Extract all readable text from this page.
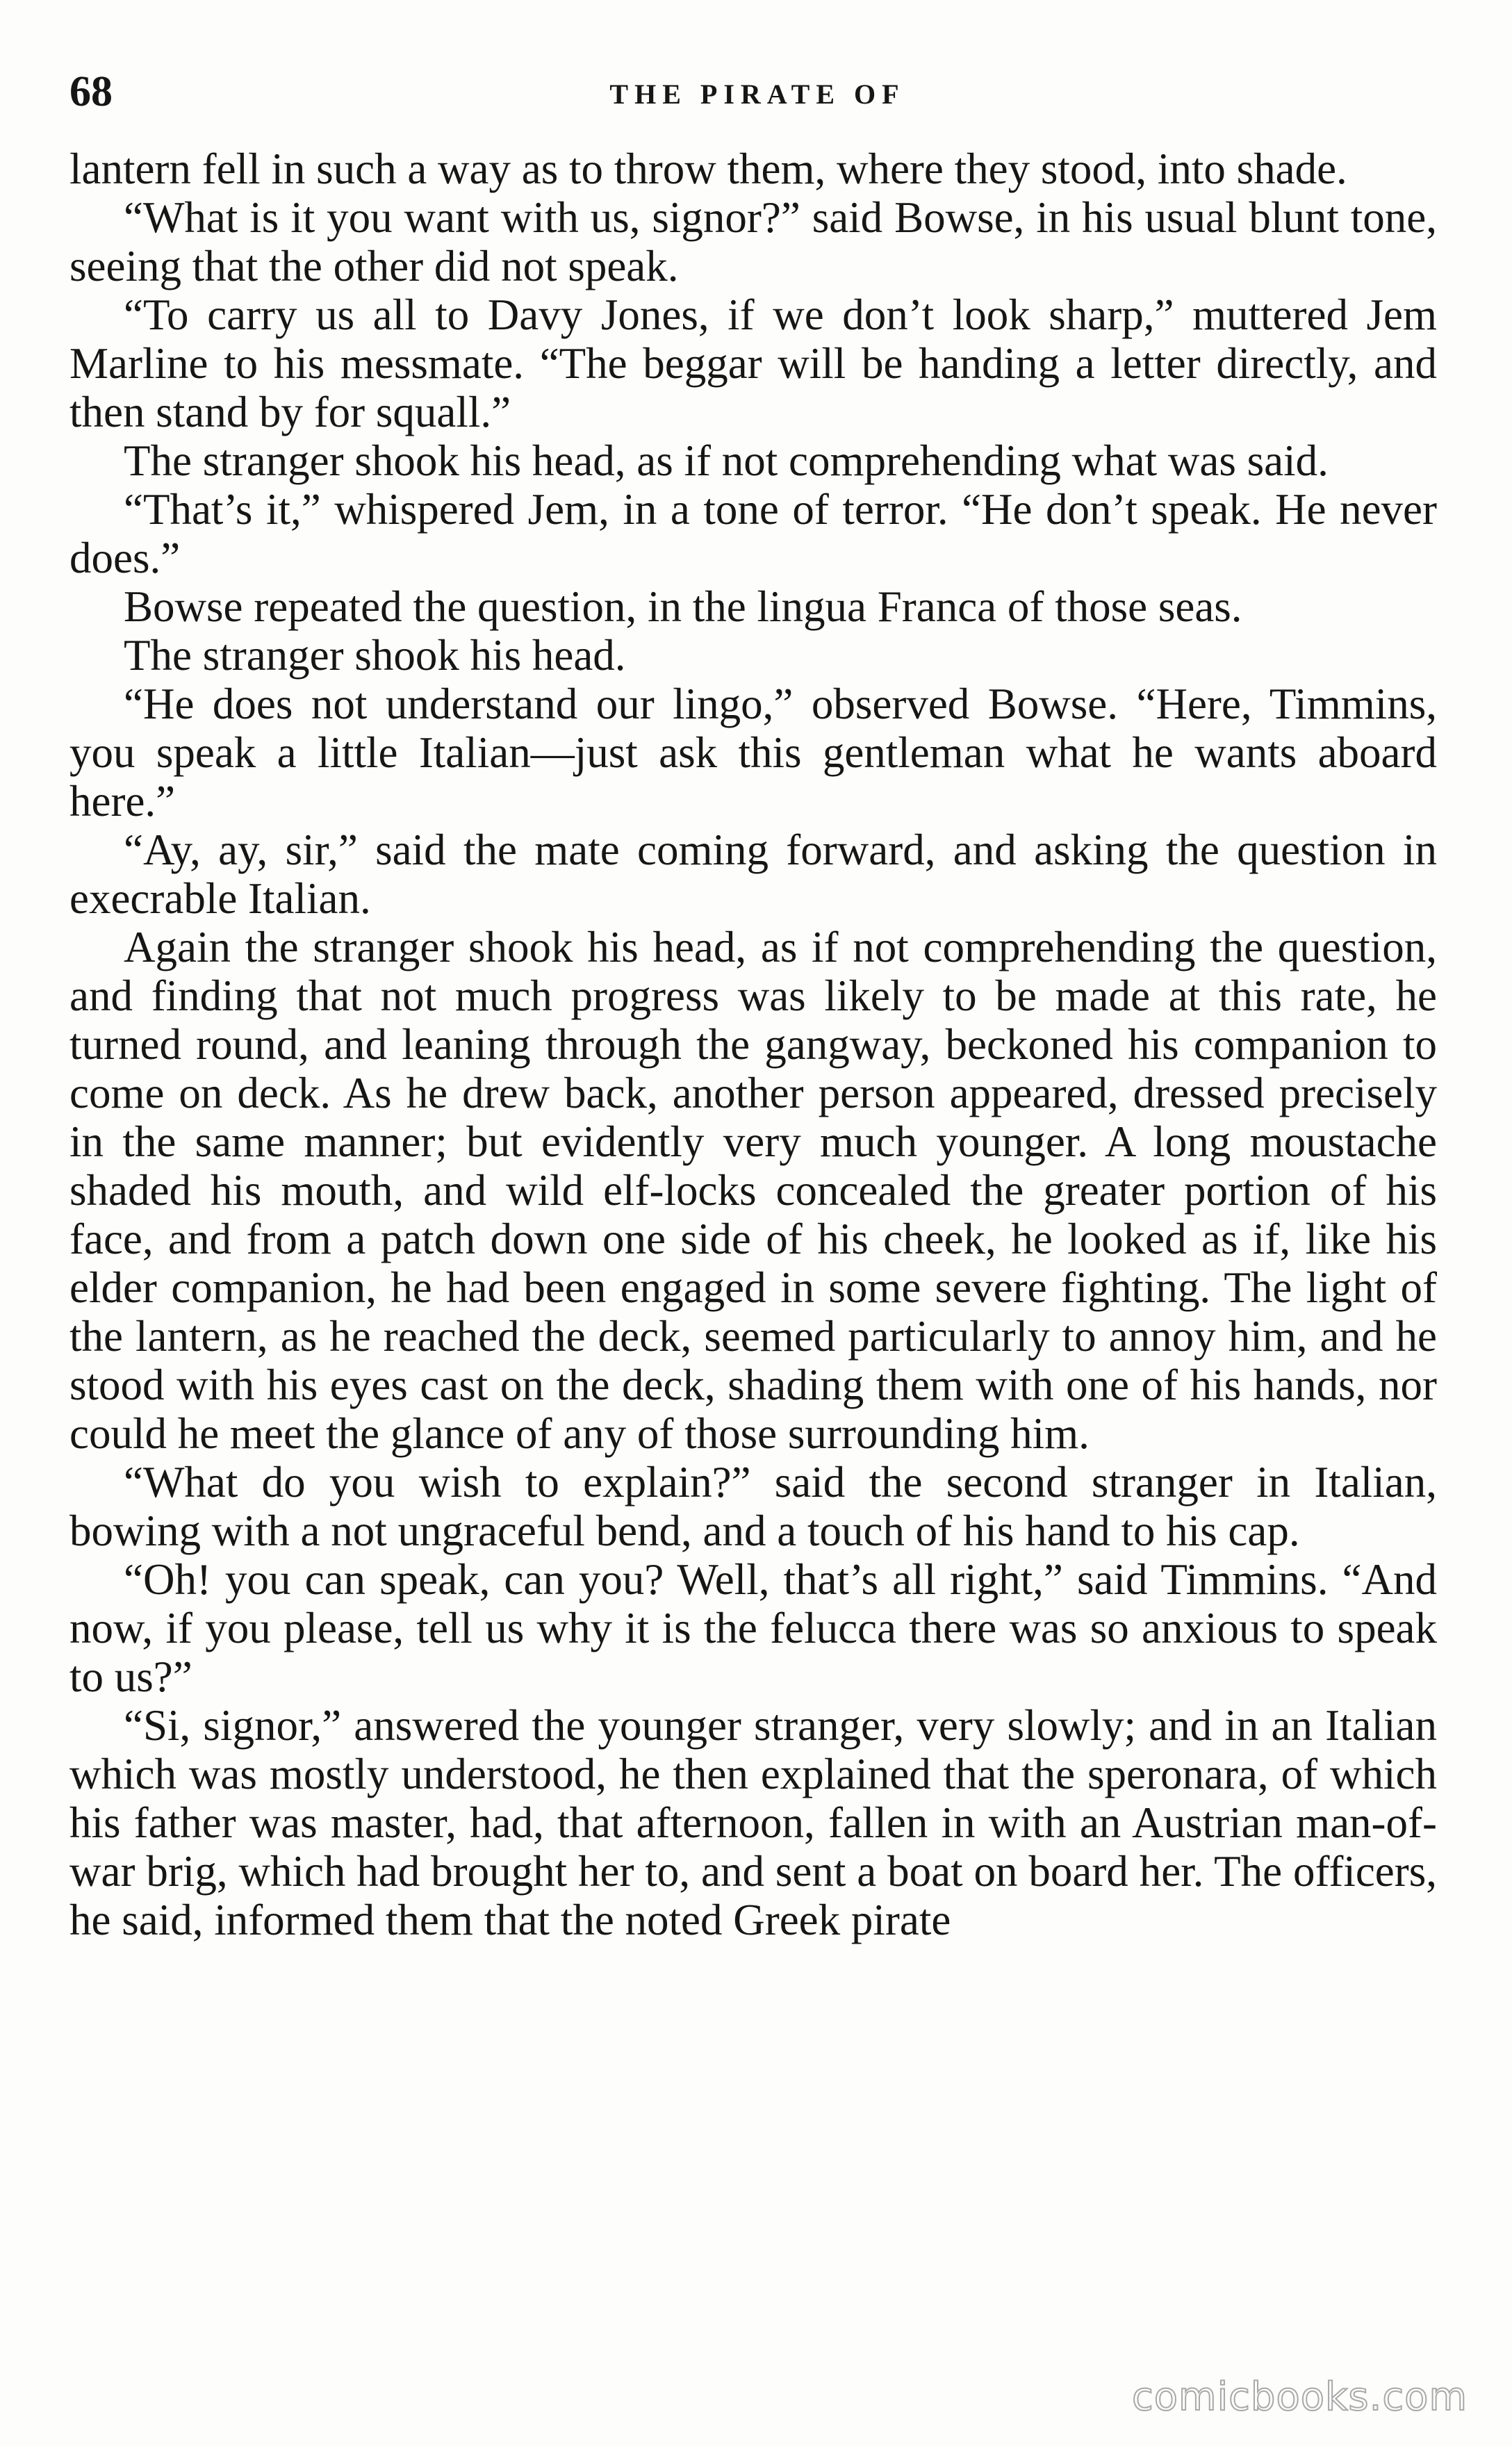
68	THE PIRATE OF

lantern fell in such a way as to throw them, where they stood, into shade.

“What is it you want with us, signor?” said Bowse, in his usual blunt tone, seeing that the other did not speak.

“To carry us all to Davy Jones, if we don’t look sharp,” muttered Jem Marline to his messmate. “The beggar will be handing a letter directly, and then stand by for squall.”

The stranger shook his head, as if not comprehending what was said.

“That’s it,” whispered Jem, in a tone of terror. “He don’t speak. He never does.”

Bowse repeated the question, in the lingua Franca of those seas.

The stranger shook his head.

“He does not understand our lingo,” observed Bowse. “Here, Timmins, you speak a little Italian—just ask this gentleman what he wants aboard here.”

“Ay, ay, sir,” said the mate coming forward, and asking the question in execrable Italian.

Again the stranger shook his head, as if not comprehending the question, and finding that not much progress was likely to be made at this rate, he turned round, and leaning through the gangway, beckoned his companion to come on deck. As he drew back, another person appeared, dressed precisely in the same manner; but evidently very much younger. A long moustache shaded his mouth, and wild elf-locks concealed the greater portion of his face, and from a patch down one side of his cheek, he looked as if, like his elder companion, he had been engaged in some severe fighting. The light of the lantern, as he reached the deck, seemed particularly to annoy him, and he stood with his eyes cast on the deck, shading them with one of his hands, nor could he meet the glance of any of those surrounding him.

“What do you wish to explain?” said the second stranger in Italian, bowing with a not ungraceful bend, and a touch of his hand to his cap.

“Oh! you can speak, can you? Well, that’s all right,” said Timmins. “And now, if you please, tell us why it is the felucca there was so anxious to speak to us?”

“Si, signor,” answered the younger stranger, very slowly; and in an Italian which was mostly understood, he then explained that the speronara, of which his father was master, had, that afternoon, fallen in with an Austrian man-of-war brig, which had brought her to, and sent a boat on board her. The officers, he said, informed them that the noted Greek pirate

comicbooks.com
